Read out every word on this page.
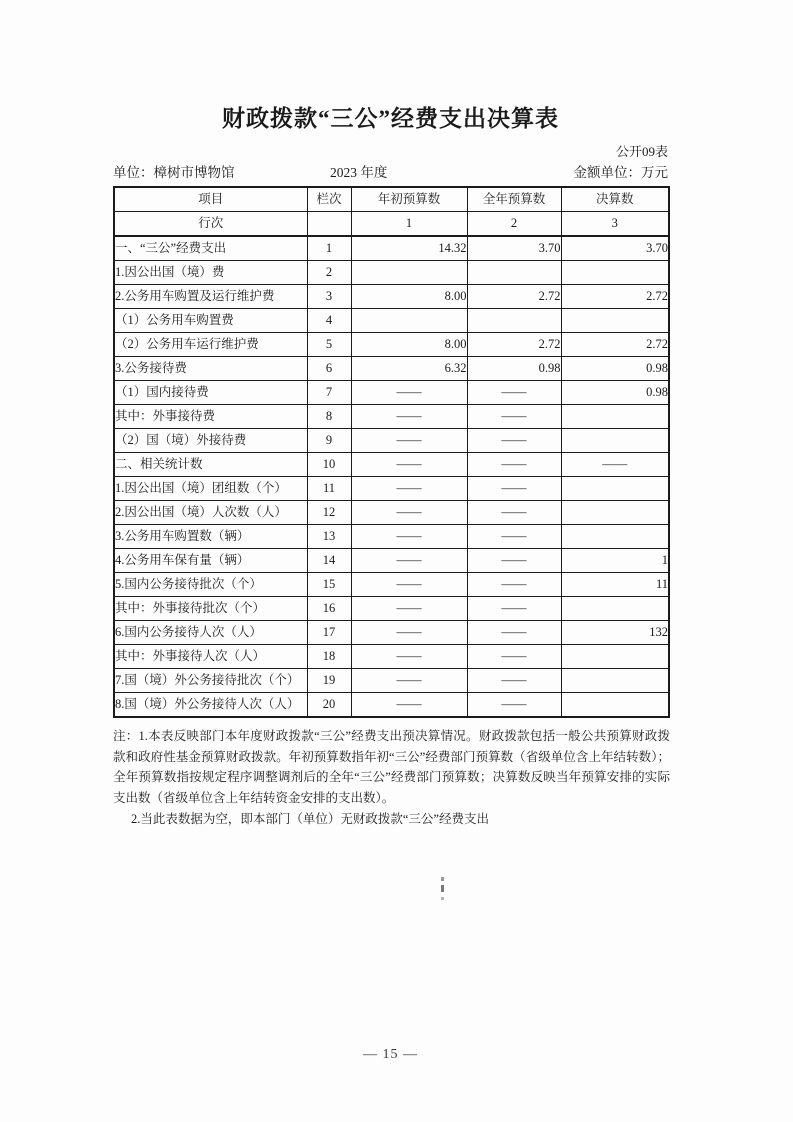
财政拨款“三公”经费支出决算表
公开09表
单位：樟树市博物馆	2023 年度	金额单位：万元
项目	栏次	年初预算数	全年预算数	决算数
行次		1	2	3
一、“三公”经费支出	1	14.32	3.70	3.70
1.因公出国（境）费	2			
2.公务用车购置及运行维护费	3	8.00	2.72	2.72
（1）公务用车购置费	4			
（2）公务用车运行维护费	5	8.00	2.72	2.72
3.公务接待费	6	6.32	0.98	0.98
（1）国内接待费	7	——	——	0.98
其中：外事接待费	8	——	——	
（2）国（境）外接待费	9	——	——	
二、相关统计数	10	——	——	——
1.因公出国（境）团组数（个）	11	——	——	
2.因公出国（境）人次数（人）	12	——	——	
3.公务用车购置数（辆）	13	——	——	
4.公务用车保有量（辆）	14	——	——	1
5.国内公务接待批次（个）	15	——	——	11
其中：外事接待批次（个）	16	——	——	
6.国内公务接待人次（人）	17	——	——	132
其中：外事接待人次（人）	18	——	——	
7.国（境）外公务接待批次（个）	19	——	——	
8.国（境）外公务接待人次（人）	20	——	——	

注：1.本表反映部门本年度财政拨款“三公”经费支出预决算情况。财政拨款包括一般公共预算财政拨款和政府性基金预算财政拨款。年初预算数指年初“三公”经费部门预算数（省级单位含上年结转数）；全年预算数指按规定程序调整调剂后的全年“三公”经费部门预算数；决算数反映当年预算安排的实际支出数（省级单位含上年结转资金安排的支出数）。

2.当此表数据为空，即本部门（单位）无财政拨款“三公”经费支出

— 15 —
